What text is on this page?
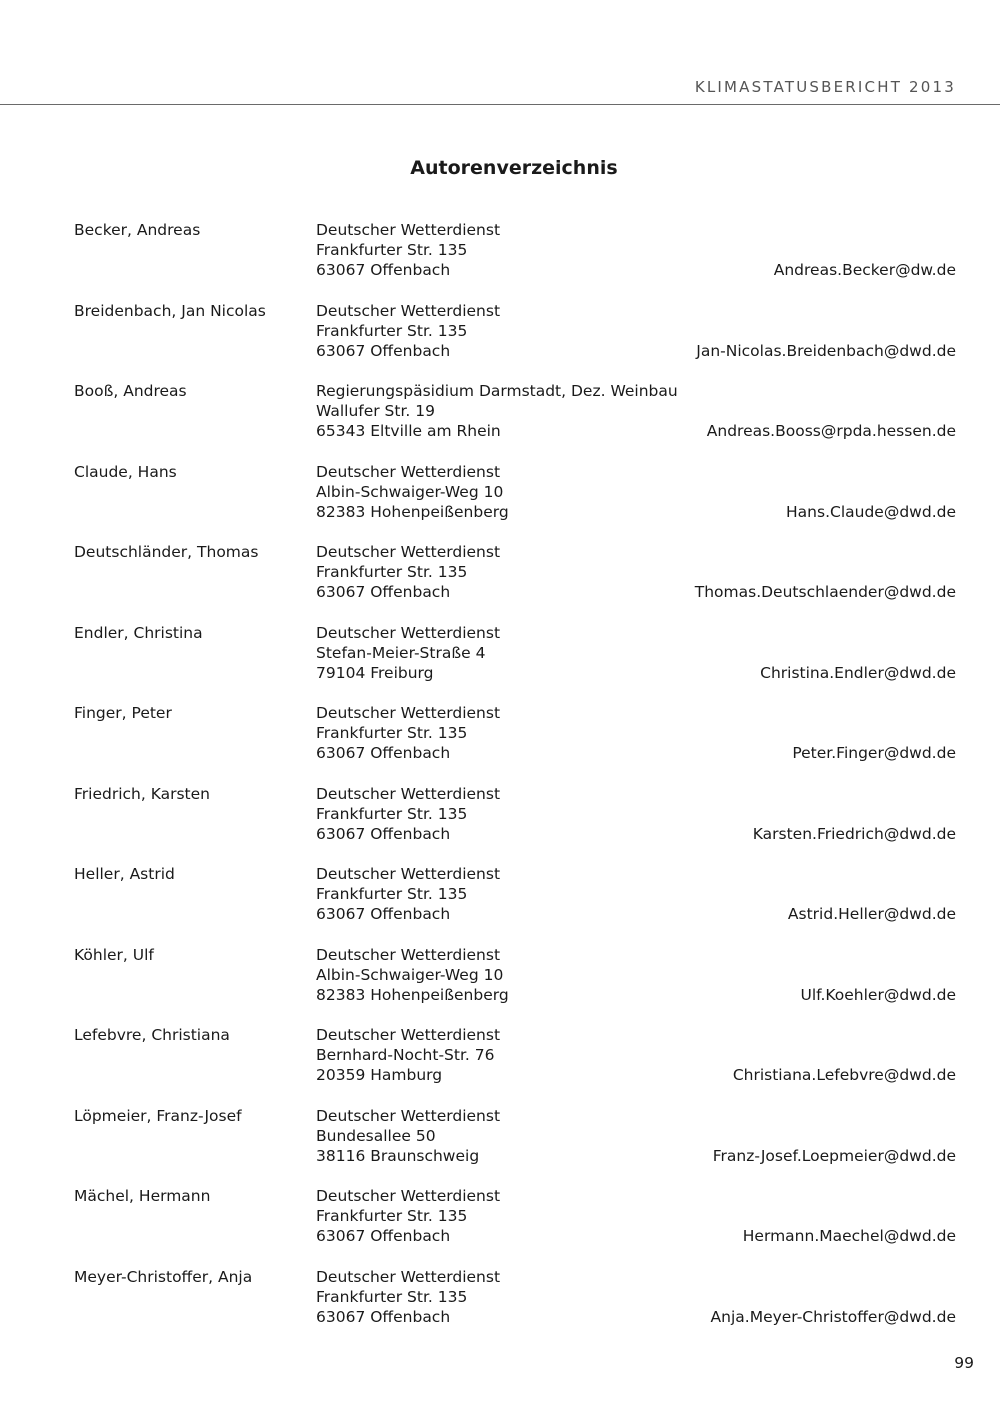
KLIMASTATUSBERICHT 2013
Autorenverzeichnis
Becker, Andreas	Deutscher Wetterdienst
Frankfurter Str. 135
63067 Offenbach	Andreas.Becker@dw.de
Breidenbach, Jan Nicolas	Deutscher Wetterdienst
Frankfurter Str. 135
63067 Offenbach	Jan-Nicolas.Breidenbach@dwd.de
Booß, Andreas	Regierungspäsidium Darmstadt, Dez. Weinbau
Wallufer Str. 19
65343 Eltville am Rhein	Andreas.Booss@rpda.hessen.de
Claude, Hans	Deutscher Wetterdienst
Albin-Schwaiger-Weg 10
82383 Hohenpeißenberg	Hans.Claude@dwd.de
Deutschländer, Thomas	Deutscher Wetterdienst
Frankfurter Str. 135
63067 Offenbach	Thomas.Deutschlaender@dwd.de
Endler, Christina	Deutscher Wetterdienst
Stefan-Meier-Straße 4
79104 Freiburg	Christina.Endler@dwd.de
Finger, Peter	Deutscher Wetterdienst
Frankfurter Str. 135
63067 Offenbach	Peter.Finger@dwd.de
Friedrich, Karsten	Deutscher Wetterdienst
Frankfurter Str. 135
63067 Offenbach	Karsten.Friedrich@dwd.de
Heller, Astrid	Deutscher Wetterdienst
Frankfurter Str. 135
63067 Offenbach	Astrid.Heller@dwd.de
Köhler, Ulf	Deutscher Wetterdienst
Albin-Schwaiger-Weg 10
82383 Hohenpeißenberg	Ulf.Koehler@dwd.de
Lefebvre, Christiana	Deutscher Wetterdienst
Bernhard-Nocht-Str. 76
20359 Hamburg	Christiana.Lefebvre@dwd.de
Löpmeier, Franz-Josef	Deutscher Wetterdienst
Bundesallee 50
38116 Braunschweig	Franz-Josef.Loepmeier@dwd.de
Mächel, Hermann	Deutscher Wetterdienst
Frankfurter Str. 135
63067 Offenbach	Hermann.Maechel@dwd.de
Meyer-Christoffer, Anja	Deutscher Wetterdienst
Frankfurter Str. 135
63067 Offenbach	Anja.Meyer-Christoffer@dwd.de
99
